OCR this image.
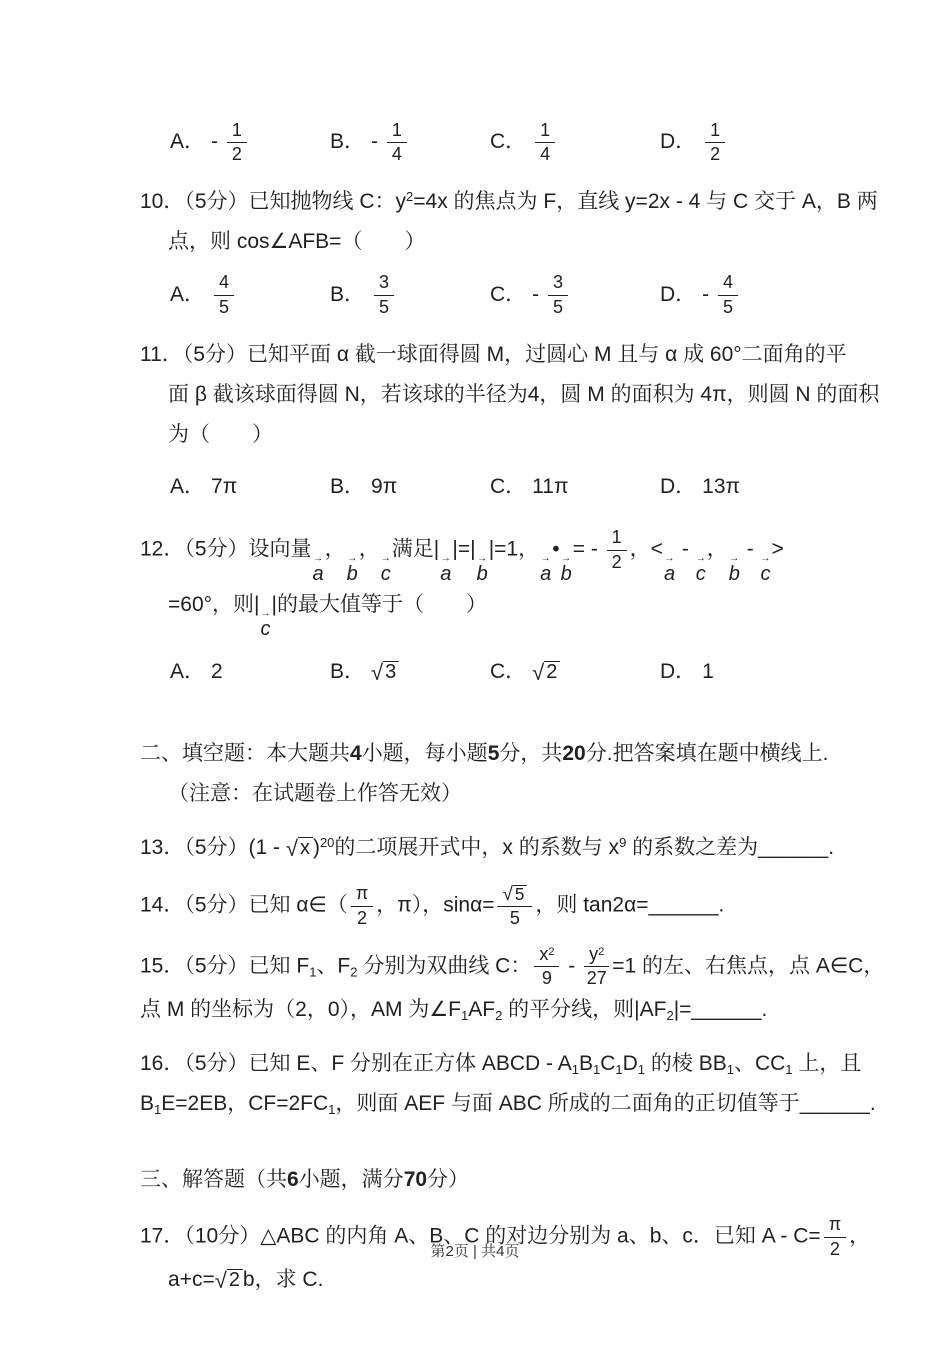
A． - $\frac{1}{2}$	B． - $\frac{1}{4}$	C． $\frac{1}{4}$	D． $\frac{1}{2}$
10．（5分）已知抛物线 C：$y^2=4x$ 的焦点为 F，直线 y=2x - 4 与 C 交于 A，B 两
点，则 cos∠AFB=（　　）
A． $\frac{4}{5}$	B． $\frac{3}{5}$	C． - $\frac{3}{5}$	D． - $\frac{4}{5}$
11．（5分）已知平面 α 截一球面得圆 M，过圆心 M 且与 α 成 60°二面角的平
面 β 截该球面得圆 N，若该球的半径为4，圆 M 的面积为 4π，则圆 N 的面积
为（　　）
A． 7π	B． 9π	C． 11π	D． 13π
12．（5分）设向量 →
a
， →
b
， →
c
满足| →
a
|=| →
b
|=1， →
a
• →
b
= - $\frac{1}{2}$ ，< →
a
- →
c
， →
b
- →
c
>
=60°，则| →
c
|的最大值等于（　　）
A． 2	B． √ 3	C． √ 2	D． 1
二、填空题：本大题共4小题，每小题5分，共20分.把答案填在题中横线上.
（注意：在试题卷上作答无效）
13．（5分）(1 - √ x )$^{20}$的二项展开式中，x 的系数与 $x^9$ 的系数之差为______.
14．（5分）已知 α∈（ $\frac{\pi}{2}$ ，π），$\sin\alpha= \frac{√ 5}{5}$ ，则 tan2α=______.
15．（5分）已知 $F_1$、$F_2$ 分别为双曲线 C： $\frac{x^2}{9} - \frac{y^2}{27} =1$ 的左、右焦点，点 A∈C，
点 M 的坐标为（2，0），AM 为$\angle F_1AF_2$ 的平分线，则$|AF_2|=\_\_\_\_\_\_$.
16．（5分）已知 E、F 分别在正方体 ABCD - $A_1B_1C_1D_1$ 的棱 $BB_1$、$CC_1$ 上，且
$B_1E=2EB$，$CF=2FC_1$，则面 AEF 与面 ABC 所成的二面角的正切值等于______.
三、解答题（共6小题，满分70分）
17．（10分）△ABC 的内角 A、B、C 的对边分别为 a、b、c．已知 $A - C= \frac{\pi}{2}$ ，
a+c= √ 2 b，求 C.
第2页 | 共4页
